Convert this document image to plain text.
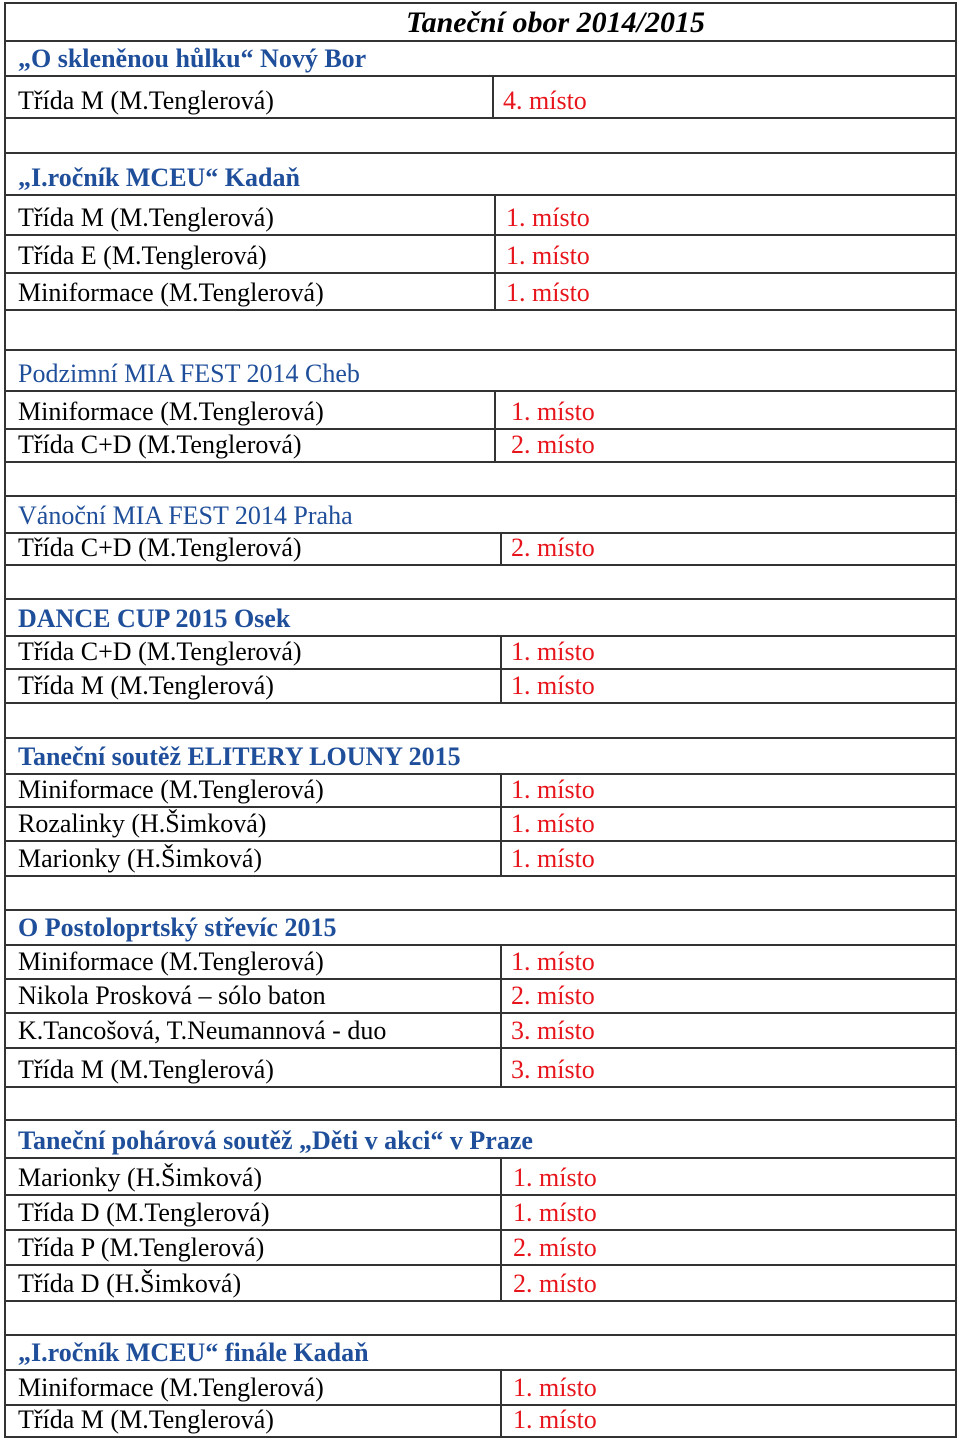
Taneční obor 2014/2015
„O skleněnou hůlku“ Nový Bor
Třída M (M.Tenglerová)	4. místo
„I.ročník MCEU“ Kadaň
Třída M (M.Tenglerová)	1. místo
Třída E (M.Tenglerová)	1. místo
Miniformace (M.Tenglerová)	1. místo
Podzimní MIA FEST 2014 Cheb
Miniformace (M.Tenglerová)	1. místo
Třída C+D (M.Tenglerová)	2. místo
Vánoční MIA FEST 2014 Praha
Třída C+D (M.Tenglerová)	2. místo
DANCE CUP 2015 Osek
Třída C+D (M.Tenglerová)	1. místo
Třída M (M.Tenglerová)	1. místo
Taneční soutěž ELITERY LOUNY 2015
Miniformace (M.Tenglerová)	1. místo
Rozalinky (H.Šimková)	1. místo
Marionky (H.Šimková)	1. místo
O Postoloprtský střevíc 2015
Miniformace (M.Tenglerová)	1. místo
Nikola Prosková – sólo baton	2. místo
K.Tancošová, T.Neumannová - duo	3. místo
Třída M (M.Tenglerová)	3. místo
Taneční pohárová soutěž „Děti v akci“ v Praze
Marionky (H.Šimková)	1. místo
Třída D (M.Tenglerová)	1. místo
Třída P (M.Tenglerová)	2. místo
Třída D (H.Šimková)	2. místo
„I.ročník MCEU“ finále Kadaň
Miniformace (M.Tenglerová)	1. místo
Třída M (M.Tenglerová)	1. místo
